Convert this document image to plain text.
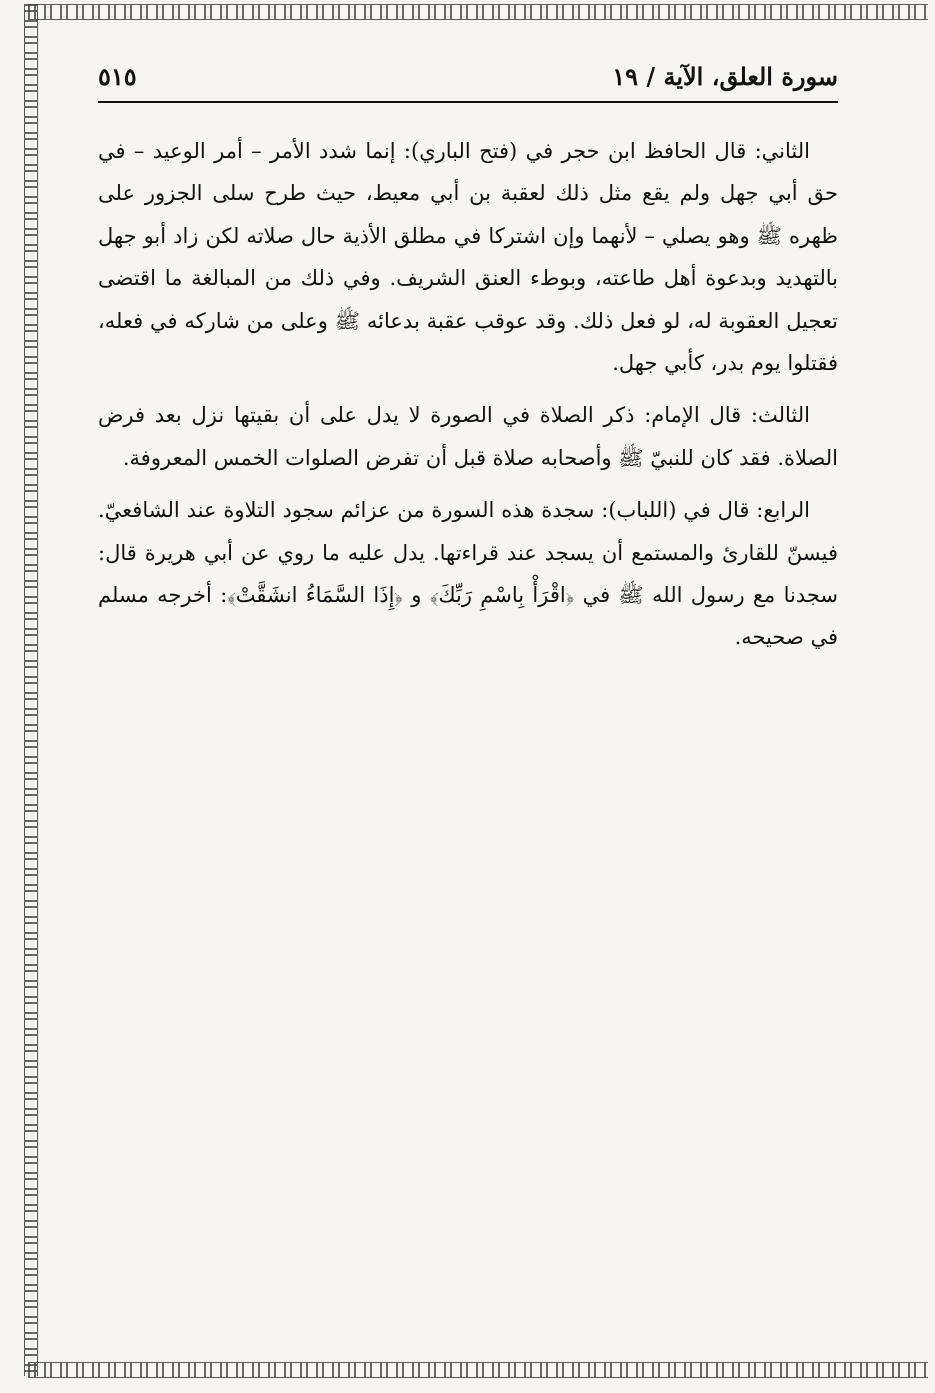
٥١٥	سورة العلق، الآية / ١٩

الثاني: قال الحافظ ابن حجر في (فتح الباري): إنما شدد الأمر – أمر الوعيد – في حق أبي جهل ولم يقع مثل ذلك لعقبة بن أبي معيط، حيث طرح سلى الجزور على ظهره ﷺ وهو يصلي – لأنهما وإن اشتركا في مطلق الأذية حال صلاته لكن زاد أبو جهل بالتهديد وبدعوة أهل طاعته، وبوطء العنق الشريف. وفي ذلك من المبالغة ما اقتضى تعجيل العقوبة له، لو فعل ذلك. وقد عوقب عقبة بدعائه ﷺ وعلى من شاركه في فعله، فقتلوا يوم بدر، كأبي جهل.

الثالث: قال الإمام: ذكر الصلاة في الصورة لا يدل على أن بقيتها نزل بعد فرض الصلاة. فقد كان للنبيّ ﷺ وأصحابه صلاة قبل أن تفرض الصلوات الخمس المعروفة.

الرابع: قال في (اللباب): سجدة هذه السورة من عزائم سجود التلاوة عند الشافعيّ. فيسنّ للقارئ والمستمع أن يسجد عند قراءتها. يدل عليه ما روي عن أبي هريرة قال: سجدنا مع رسول الله ﷺ في ﴿اقْرَأْ بِاسْمِ رَبِّكَ﴾ و ﴿إِذَا السَّمَاءُ انشَقَّتْ﴾: أخرجه مسلم في صحيحه.
